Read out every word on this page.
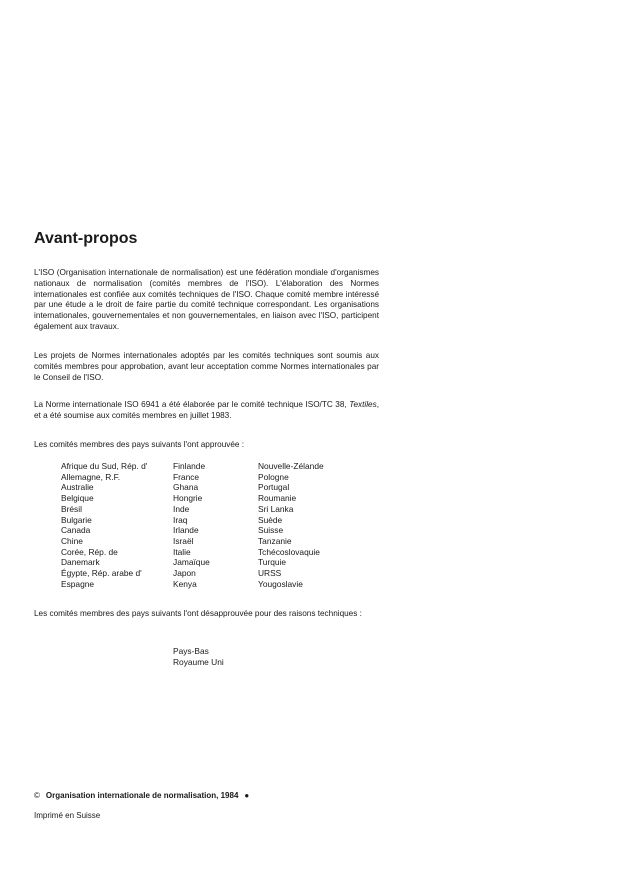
Avant-propos

L'ISO (Organisation internationale de normalisation) est une fédération mondiale d'organismes nationaux de normalisation (comités membres de l'ISO). L'élaboration des Normes internationales est confiée aux comités techniques de l'ISO. Chaque comité membre intéressé par une étude a le droit de faire partie du comité technique correspondant. Les organisations internationales, gouvernementales et non gouvernementales, en liaison avec l'ISO, participent également aux travaux.

Les projets de Normes internationales adoptés par les comités techniques sont soumis aux comités membres pour approbation, avant leur acceptation comme Normes internationales par le Conseil de l'ISO.

La Norme internationale ISO 6941 a été élaborée par le comité technique ISO/TC 38, Textiles, et a été soumise aux comités membres en juillet 1983.

Les comités membres des pays suivants l'ont approuvée :

Afrique du Sud, Rép. d'
Allemagne, R.F.
Australie
Belgique
Brésil
Bulgarie
Canada
Chine
Corée, Rép. de
Danemark
Égypte, Rép. arabe d'
Espagne
Finlande
France
Ghana
Hongrie
Inde
Iraq
Irlande
Israël
Italie
Jamaïque
Japon
Kenya
Nouvelle-Zélande
Pologne
Portugal
Roumanie
Sri Lanka
Suède
Suisse
Tanzanie
Tchécoslovaquie
Turquie
URSS
Yougoslavie

Les comités membres des pays suivants l'ont désapprouvée pour des raisons techniques :

Pays-Bas
Royaume Uni
© Organisation internationale de normalisation, 1984 ●
Imprimé en Suisse
